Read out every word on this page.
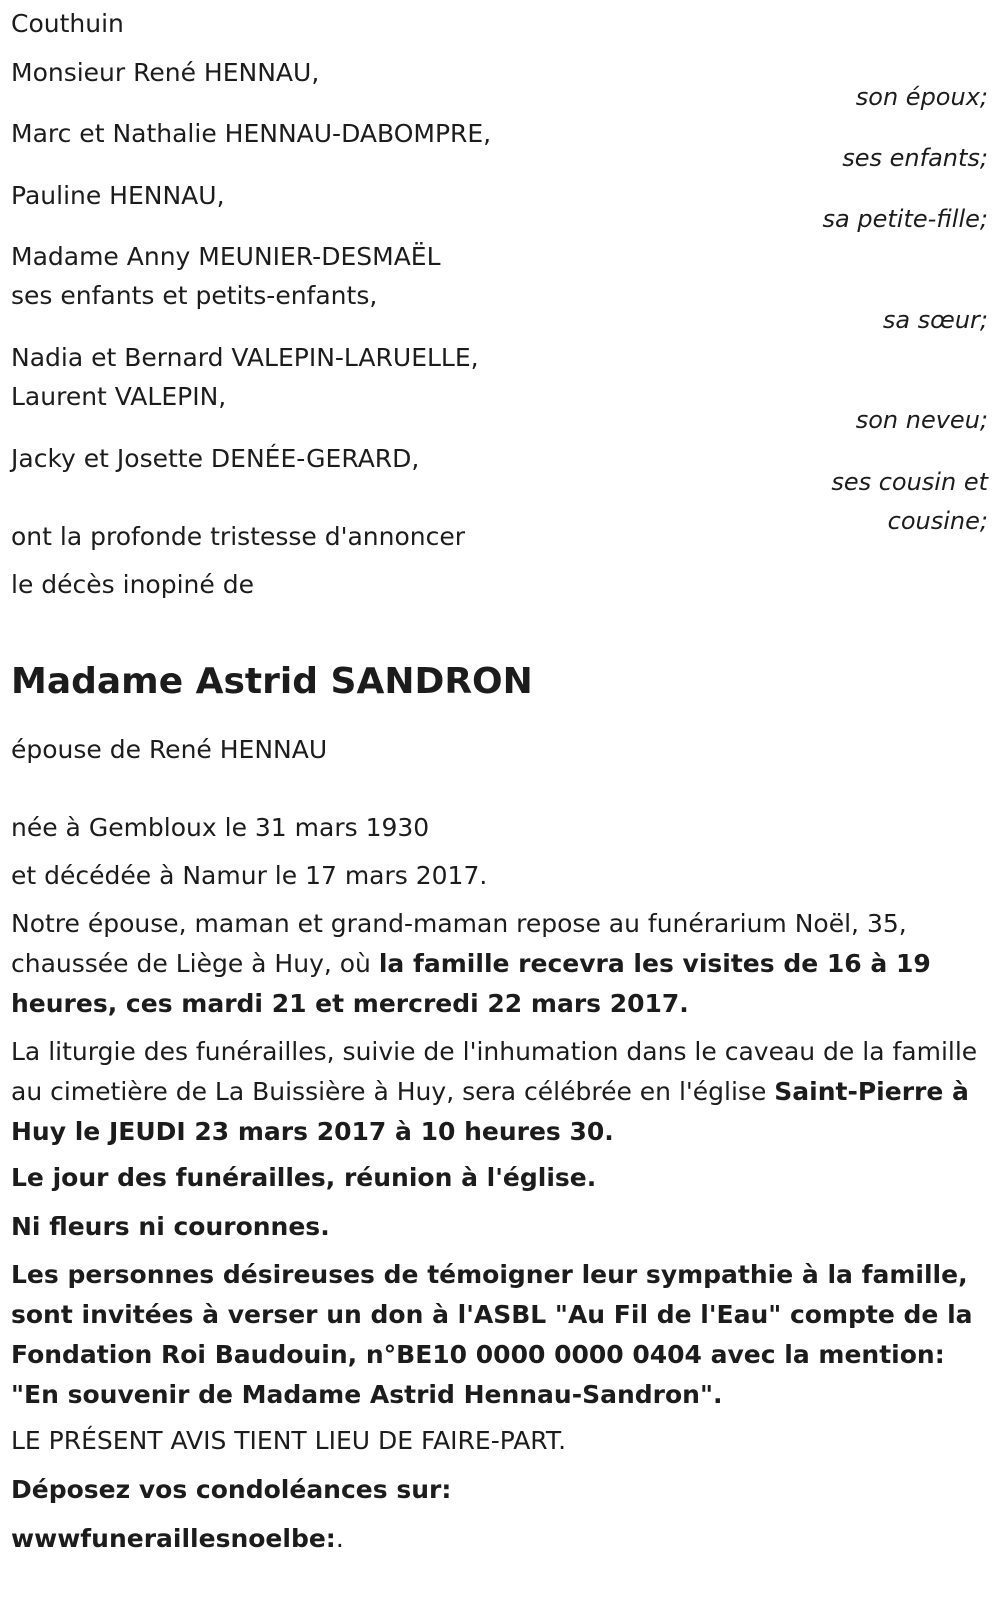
Couthuin
Monsieur René HENNAU,
son époux;
Marc et Nathalie HENNAU-DABOMPRE,
ses enfants;
Pauline HENNAU,
sa petite-fille;
Madame Anny MEUNIER-DESMAËL
ses enfants et petits-enfants,
sa sœur;
Nadia et Bernard VALEPIN-LARUELLE,
Laurent VALEPIN,
son neveu;
Jacky et Josette DENÉE-GERARD,
ses cousin et
cousine;
ont la profonde tristesse d'annoncer
le décès inopiné de
Madame Astrid SANDRON
épouse de René HENNAU
née à Gembloux le 31 mars 1930
et décédée à Namur le 17 mars 2017.
Notre épouse, maman et grand-maman repose au funérarium Noël, 35, chaussée de Liège à Huy, où la famille recevra les visites de 16 à 19 heures, ces mardi 21 et mercredi 22 mars 2017.
La liturgie des funérailles, suivie de l'inhumation dans le caveau de la famille au cimetière de La Buissière à Huy, sera célébrée en l'église Saint-Pierre à Huy le JEUDI 23 mars 2017 à 10 heures 30.
Le jour des funérailles, réunion à l'église.
Ni fleurs ni couronnes.
Les personnes désireuses de témoigner leur sympathie à la famille, sont invitées à verser un don à l'ASBL "Au Fil de l'Eau" compte de la Fondation Roi Baudouin, n°BE10 0000 0000 0404 avec la mention: "En souvenir de Madame Astrid Hennau-Sandron".
LE PRÉSENT AVIS TIENT LIEU DE FAIRE-PART.
Déposez vos condoléances sur:
wwwfuneraillesnoelbe:.
